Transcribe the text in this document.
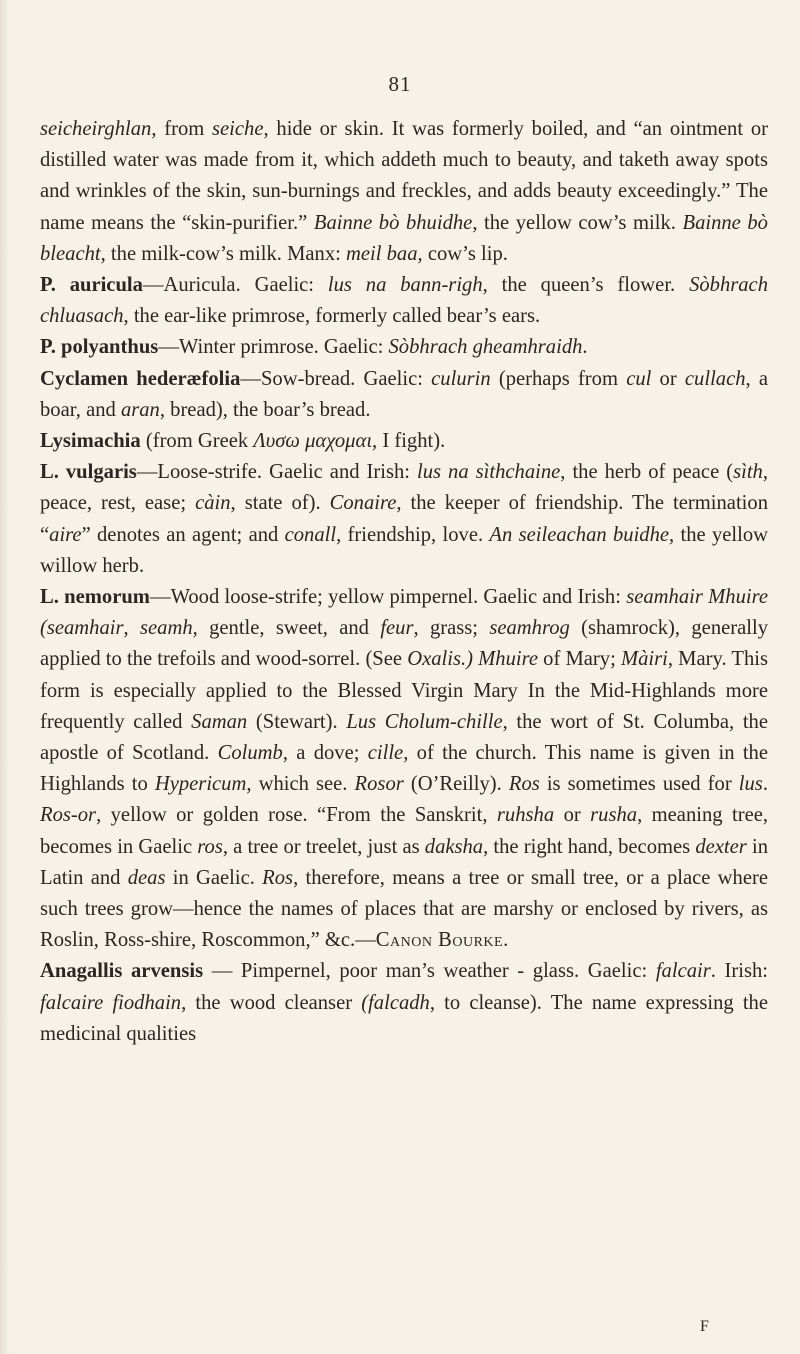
81

seicheirghlan, from seiche, hide or skin. It was formerly boiled, and “an ointment or distilled water was made from it, which addeth much to beauty, and taketh away spots and wrinkles of the skin, sun-burnings and freckles, and adds beauty exceedingly.” The name means the “skin-purifier.” Bainne bò bhuidhe, the yellow cow’s milk. Bainne bò bleacht, the milk-cow’s milk. Manx: meil baa, cow’s lip.

P. auricula—Auricula. Gaelic: lus na bann-righ, the queen’s flower. Sòbhrach chluasach, the ear-like primrose, formerly called bear’s ears.

P. polyanthus—Winter primrose. Gaelic: Sòbhrach gheamhraidh.

Cyclamen hederæfolia—Sow-bread. Gaelic: culurin (perhaps from cul or cullach, a boar, and aran, bread), the boar’s bread.

Lysimachia (from Greek Λυσω μαχομαι, I fight).

L. vulgaris—Loose-strife. Gaelic and Irish: lus na sìthchaine, the herb of peace (sìth, peace, rest, ease; càin, state of). Conaire, the keeper of friendship. The termination “aire” denotes an agent; and conall, friendship, love. An seileachan buidhe, the yellow willow herb.

L. nemorum—Wood loose-strife; yellow pimpernel. Gaelic and Irish: seamhair Mhuire (seamhair, seamh, gentle, sweet, and feur, grass; seamhrog (shamrock), generally applied to the trefoils and wood-sorrel. (See Oxalis.) Mhuire of Mary; Màiri, Mary. This form is especially applied to the Blessed Virgin Mary In the Mid-Highlands more frequently called Saman (Stewart). Lus Cholum-chille, the wort of St. Columba, the apostle of Scotland. Columb, a dove; cille, of the church. This name is given in the Highlands to Hypericum, which see. Rosor (O’Reilly). Ros is sometimes used for lus. Ros-or, yellow or golden rose. “From the Sanskrit, ruhsha or rusha, meaning tree, becomes in Gaelic ros, a tree or treelet, just as daksha, the right hand, becomes dexter in Latin and deas in Gaelic. Ros, therefore, means a tree or small tree, or a place where such trees grow—hence the names of places that are marshy or enclosed by rivers, as Roslin, Ross-shire, Roscommon,” &c.—Canon Bourke.

Anagallis arvensis — Pimpernel, poor man’s weather - glass. Gaelic: falcair. Irish: falcaire fiodhain, the wood cleanser (falcadh, to cleanse). The name expressing the medicinal qualities

F
